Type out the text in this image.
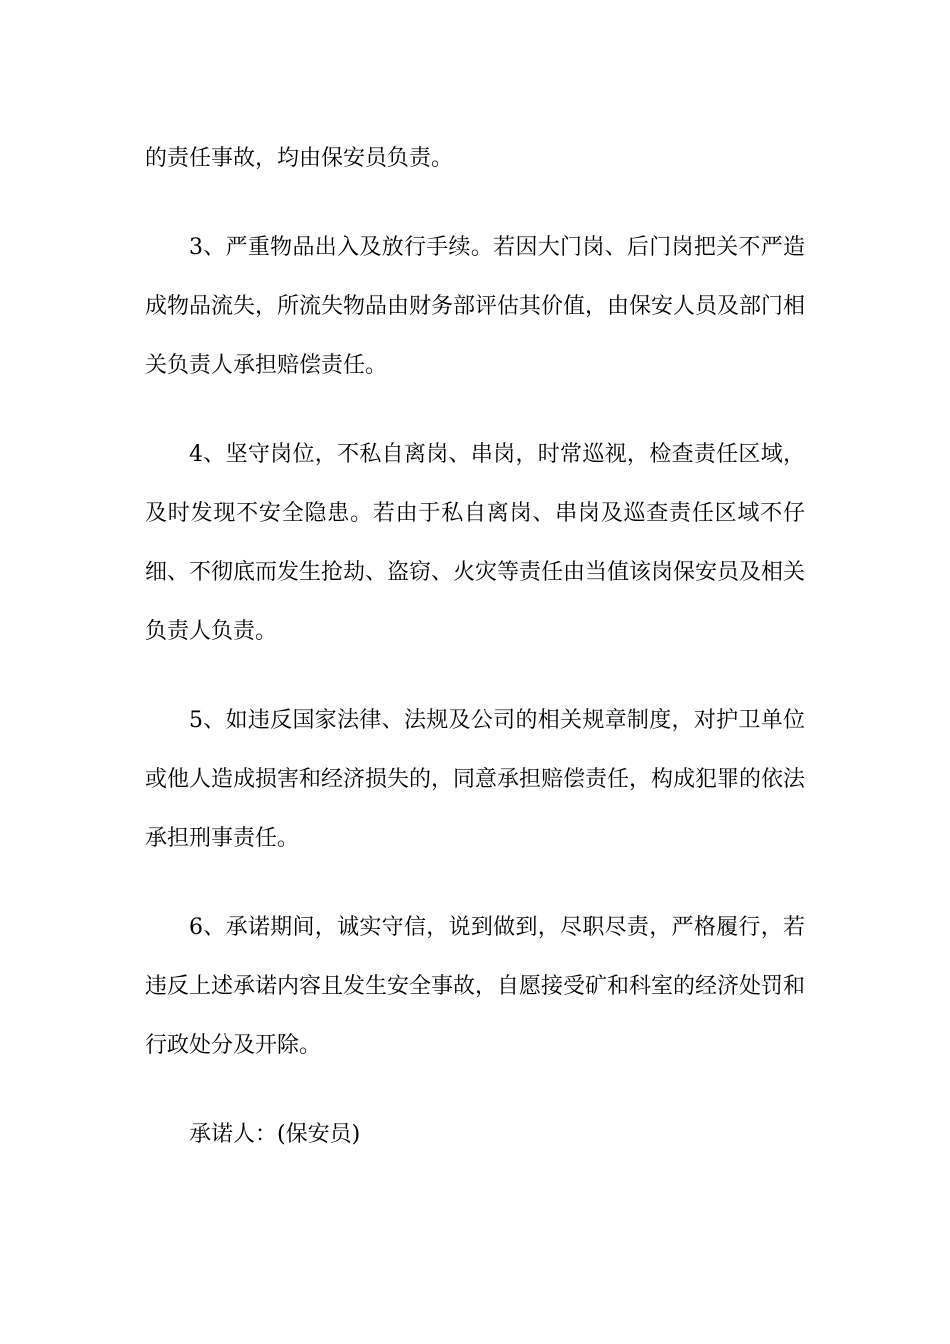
的责任事故，均由保安员负责。

3、严重物品出入及放行手续。若因大门岗、后门岗把关不严造成物品流失，所流失物品由财务部评估其价值，由保安人员及部门相关负责人承担赔偿责任。

4、坚守岗位，不私自离岗、串岗，时常巡视，检查责任区域，及时发现不安全隐患。若由于私自离岗、串岗及巡查责任区域不仔细、不彻底而发生抢劫、盗窃、火灾等责任由当值该岗保安员及相关负责人负责。

5、如违反国家法律、法规及公司的相关规章制度，对护卫单位或他人造成损害和经济损失的，同意承担赔偿责任，构成犯罪的依法承担刑事责任。

6、承诺期间，诚实守信，说到做到，尽职尽责，严格履行，若违反上述承诺内容且发生安全事故，自愿接受矿和科室的经济处罚和行政处分及开除。

承诺人：(保安员)
